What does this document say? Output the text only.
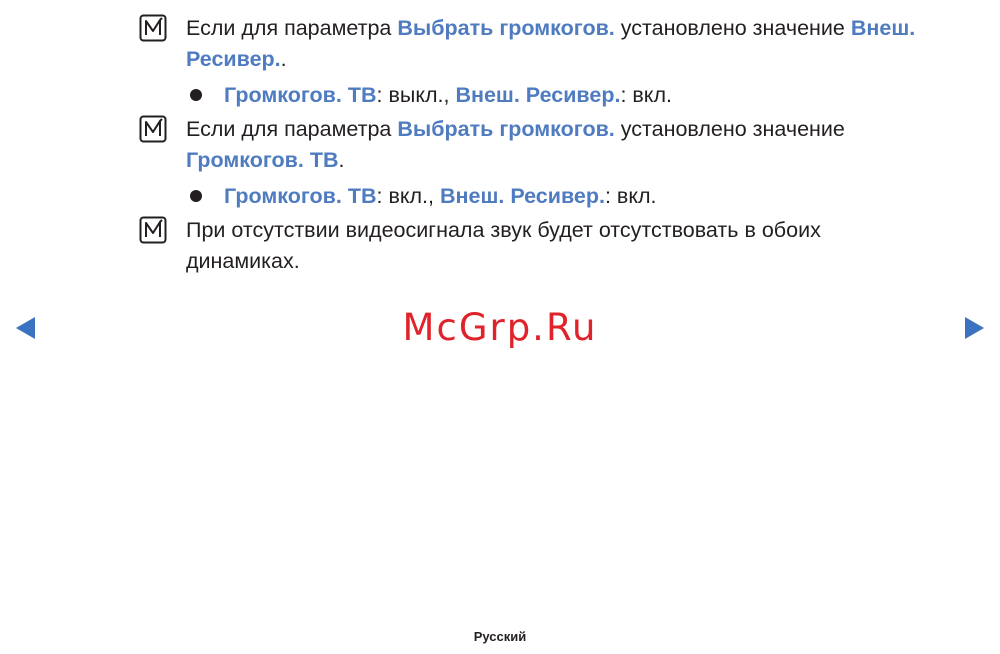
Если для параметра Выбрать громкогов. установлено значение Внеш. Ресивер..
Громкогов. ТВ: выкл., Внеш. Ресивер.: вкл.
Если для параметра Выбрать громкогов. установлено значение Громкогов. ТВ.
Громкогов. ТВ: вкл., Внеш. Ресивер.: вкл.
При отсутствии видеосигнала звук будет отсутствовать в обоих динамиках.
McGrp.Ru
Русский
